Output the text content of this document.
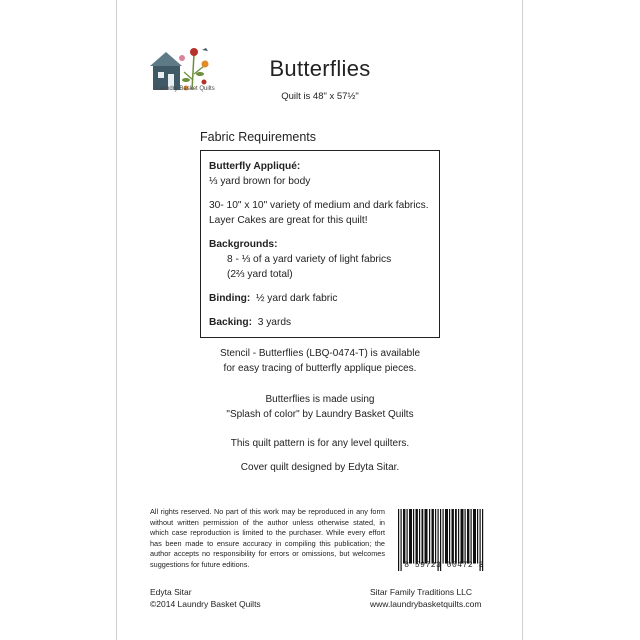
Laundry Basket Quilts
Butterflies
Quilt is 48" x 57½"
Fabric Requirements

Butterfly Appliqué:

⅓ yard brown for body

30- 10" x 10" variety of medium and dark fabrics. Layer Cakes are great for this quilt!

Backgrounds:

8 - ⅓ of a yard variety of light fabrics

(2⅔ yard total)

Binding: ½ yard dark fabric

Backing: 3 yards

Stencil - Butterflies (LBQ-0474-T) is available
for easy tracing of butterfly applique pieces.
Butterflies is made using
"Splash of color" by Laundry Basket Quilts
This quilt pattern is for any level quilters.
Cover quilt designed by Edyta Sitar.
All rights reserved. No part of this work may be reproduced in any form without written permission of the author unless otherwise stated, in which case reproduction is limited to the purchaser. While every effort has been made to ensure accuracy in compiling this publication; the author accepts no responsibility for errors or omissions, but welcomes suggestions for future editions.	8 59723 00472 3
Edyta Sitar
©2014 Laundry Basket Quilts
Sitar Family Traditions LLC
www.laundrybasketquilts.com
